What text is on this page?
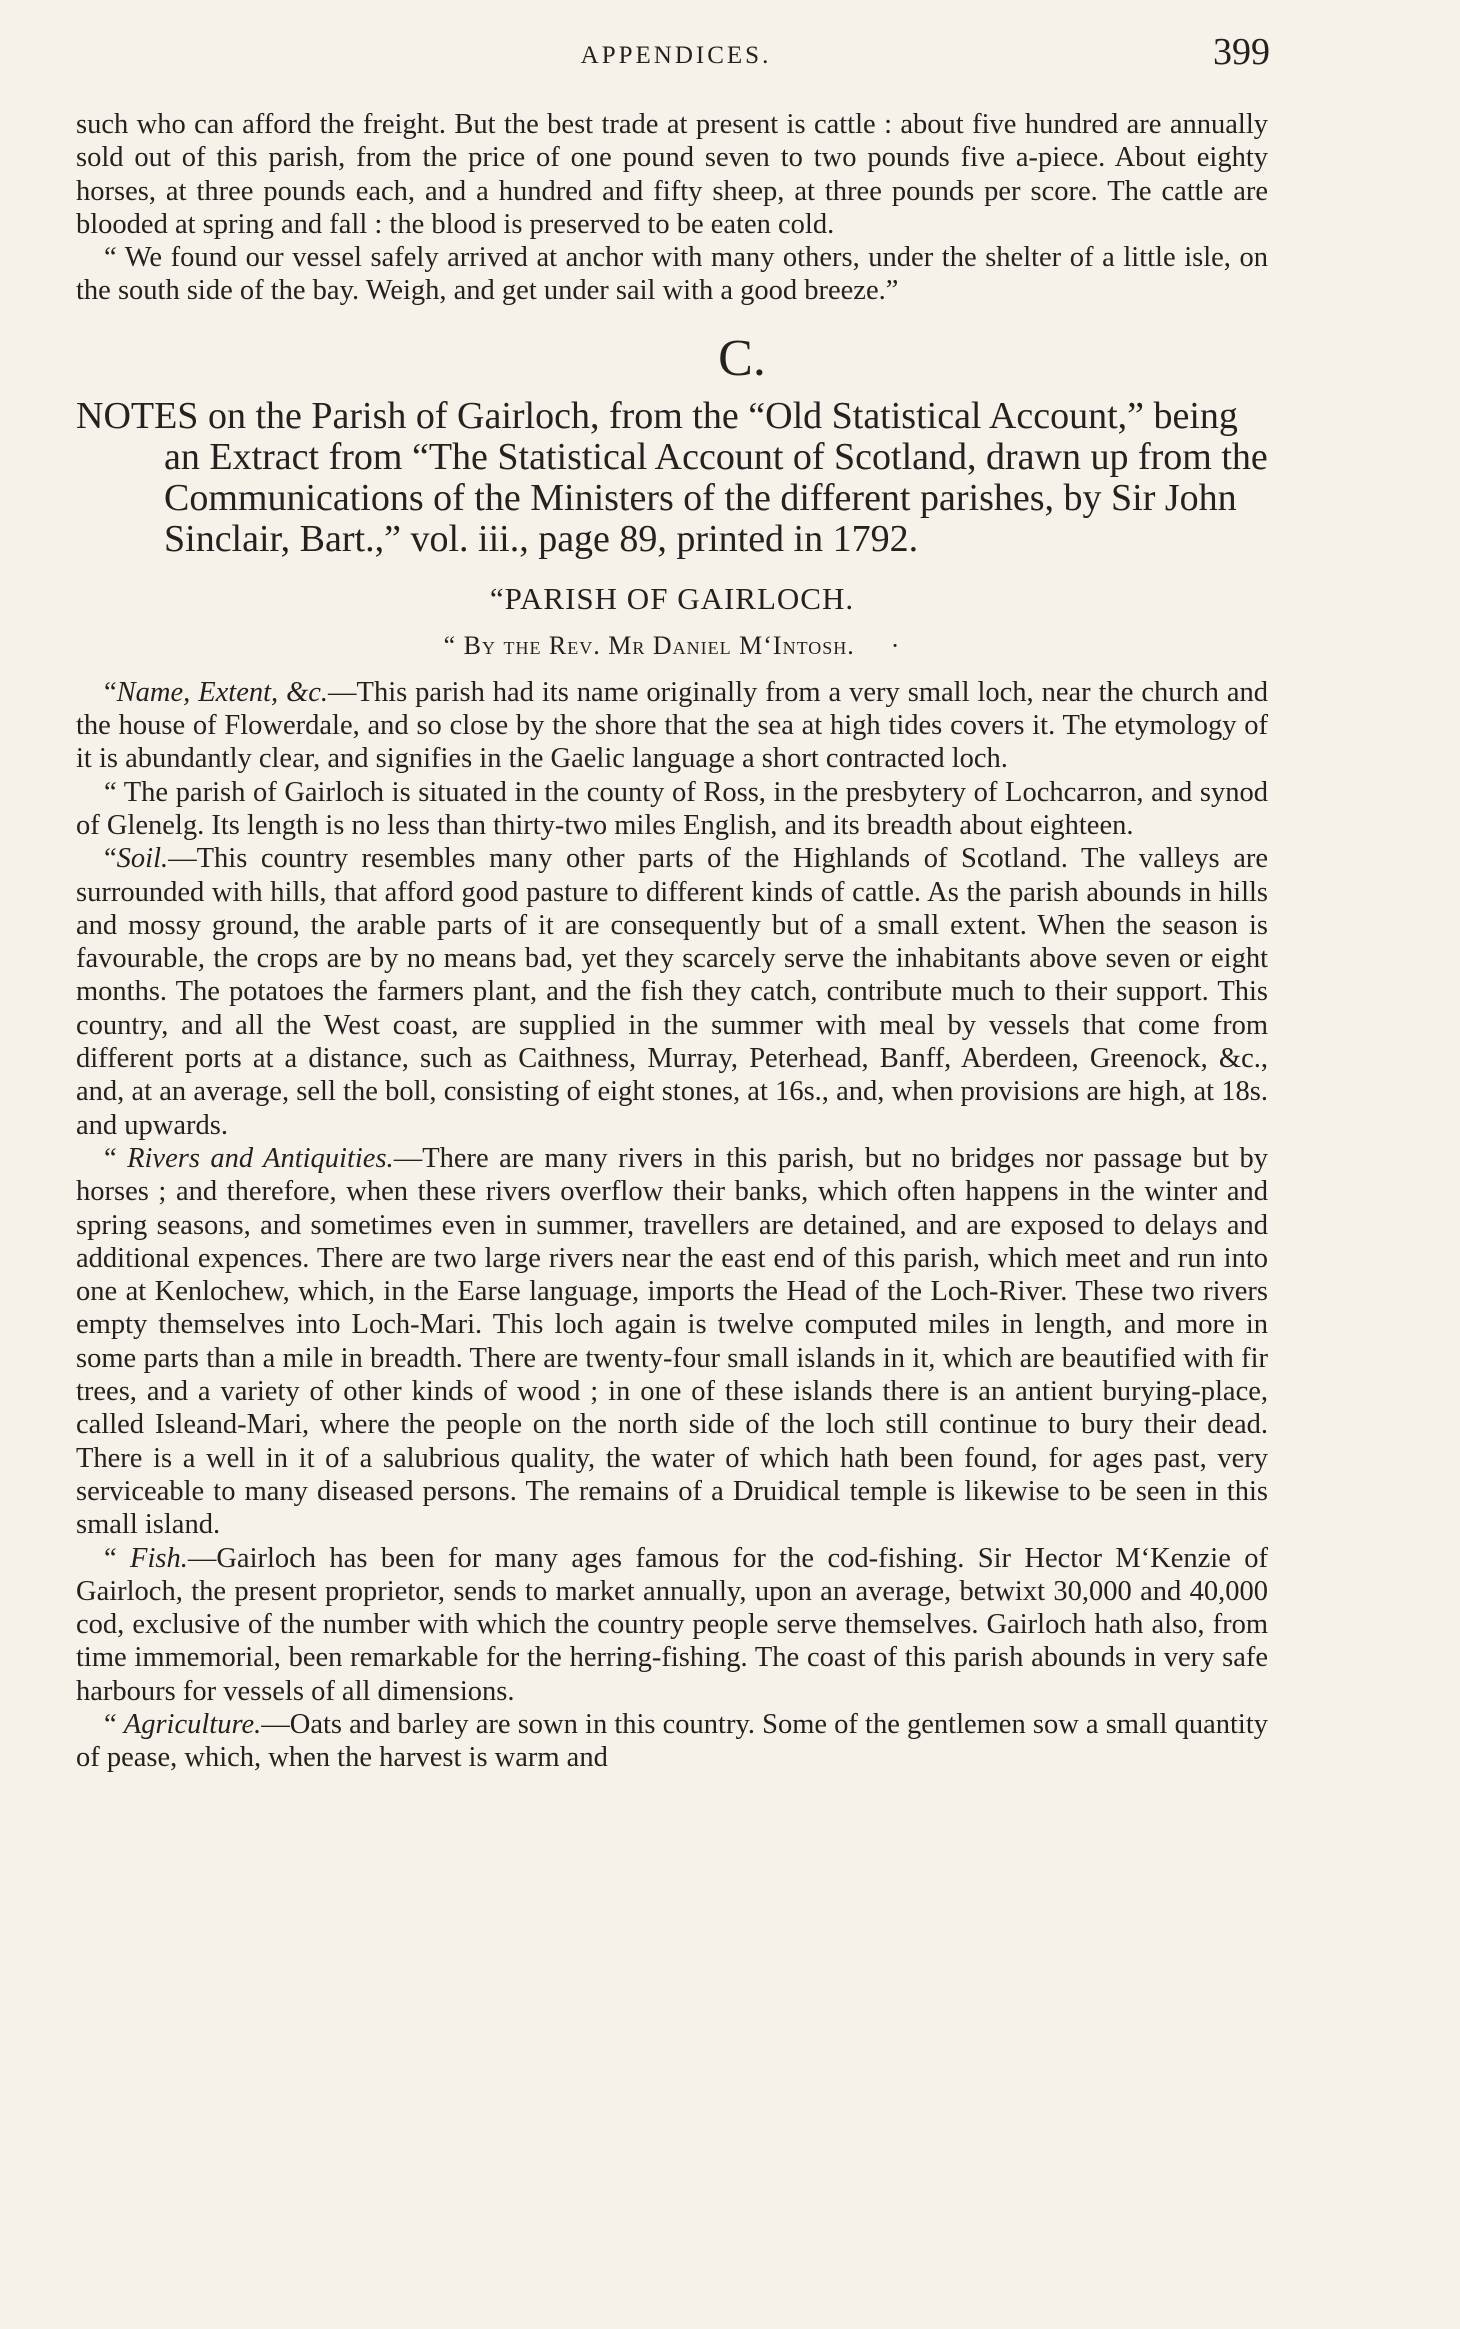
APPENDICES.	399

such who can afford the freight. But the best trade at present is cattle : about five hundred are annually sold out of this parish, from the price of one pound seven to two pounds five a-piece. About eighty horses, at three pounds each, and a hundred and fifty sheep, at three pounds per score. The cattle are blooded at spring and fall : the blood is preserved to be eaten cold.

“ We found our vessel safely arrived at anchor with many others, under the shelter of a little isle, on the south side of the bay. Weigh, and get under sail with a good breeze.”

C.

NOTES on the Parish of Gairloch, from the “Old Statistical Account,” being an Extract from “The Statistical Account of Scotland, drawn up from the Communications of the Ministers of the different parishes, by Sir John Sinclair, Bart.,” vol. iii., page 89, printed in 1792.

“PARISH OF GAIRLOCH.
“ By the Rev. Mr Daniel M‘Intosh. ·

“Name, Extent, &c.—This parish had its name originally from a very small loch, near the church and the house of Flowerdale, and so close by the shore that the sea at high tides covers it. The etymology of it is abundantly clear, and signifies in the Gaelic language a short contracted loch.

“ The parish of Gairloch is situated in the county of Ross, in the presbytery of Lochcarron, and synod of Glenelg. Its length is no less than thirty-two miles English, and its breadth about eighteen.

“Soil.—This country resembles many other parts of the Highlands of Scotland. The valleys are surrounded with hills, that afford good pasture to different kinds of cattle. As the parish abounds in hills and mossy ground, the arable parts of it are consequently but of a small extent. When the season is favourable, the crops are by no means bad, yet they scarcely serve the inhabitants above seven or eight months. The potatoes the farmers plant, and the fish they catch, contribute much to their support. This country, and all the West coast, are supplied in the summer with meal by vessels that come from different ports at a distance, such as Caithness, Murray, Peterhead, Banff, Aberdeen, Greenock, &c., and, at an average, sell the boll, consisting of eight stones, at 16s., and, when provisions are high, at 18s. and upwards.

“ Rivers and Antiquities.—There are many rivers in this parish, but no bridges nor passage but by horses ; and therefore, when these rivers overflow their banks, which often happens in the winter and spring seasons, and sometimes even in summer, travellers are detained, and are exposed to delays and additional expences. There are two large rivers near the east end of this parish, which meet and run into one at Kenlochew, which, in the Earse language, imports the Head of the Loch-River. These two rivers empty themselves into Loch-Mari. This loch again is twelve computed miles in length, and more in some parts than a mile in breadth. There are twenty-four small islands in it, which are beautified with fir trees, and a variety of other kinds of wood ; in one of these islands there is an antient burying-place, called Isleand-Mari, where the people on the north side of the loch still continue to bury their dead. There is a well in it of a salubrious quality, the water of which hath been found, for ages past, very serviceable to many diseased persons. The remains of a Druidical temple is likewise to be seen in this small island.

“ Fish.—Gairloch has been for many ages famous for the cod-fishing. Sir Hector M‘Kenzie of Gairloch, the present proprietor, sends to market annually, upon an average, betwixt 30,000 and 40,000 cod, exclusive of the number with which the country people serve themselves. Gairloch hath also, from time immemorial, been remarkable for the herring-fishing. The coast of this parish abounds in very safe harbours for vessels of all dimensions.

“ Agriculture.—Oats and barley are sown in this country. Some of the gentlemen sow a small quantity of pease, which, when the harvest is warm and
